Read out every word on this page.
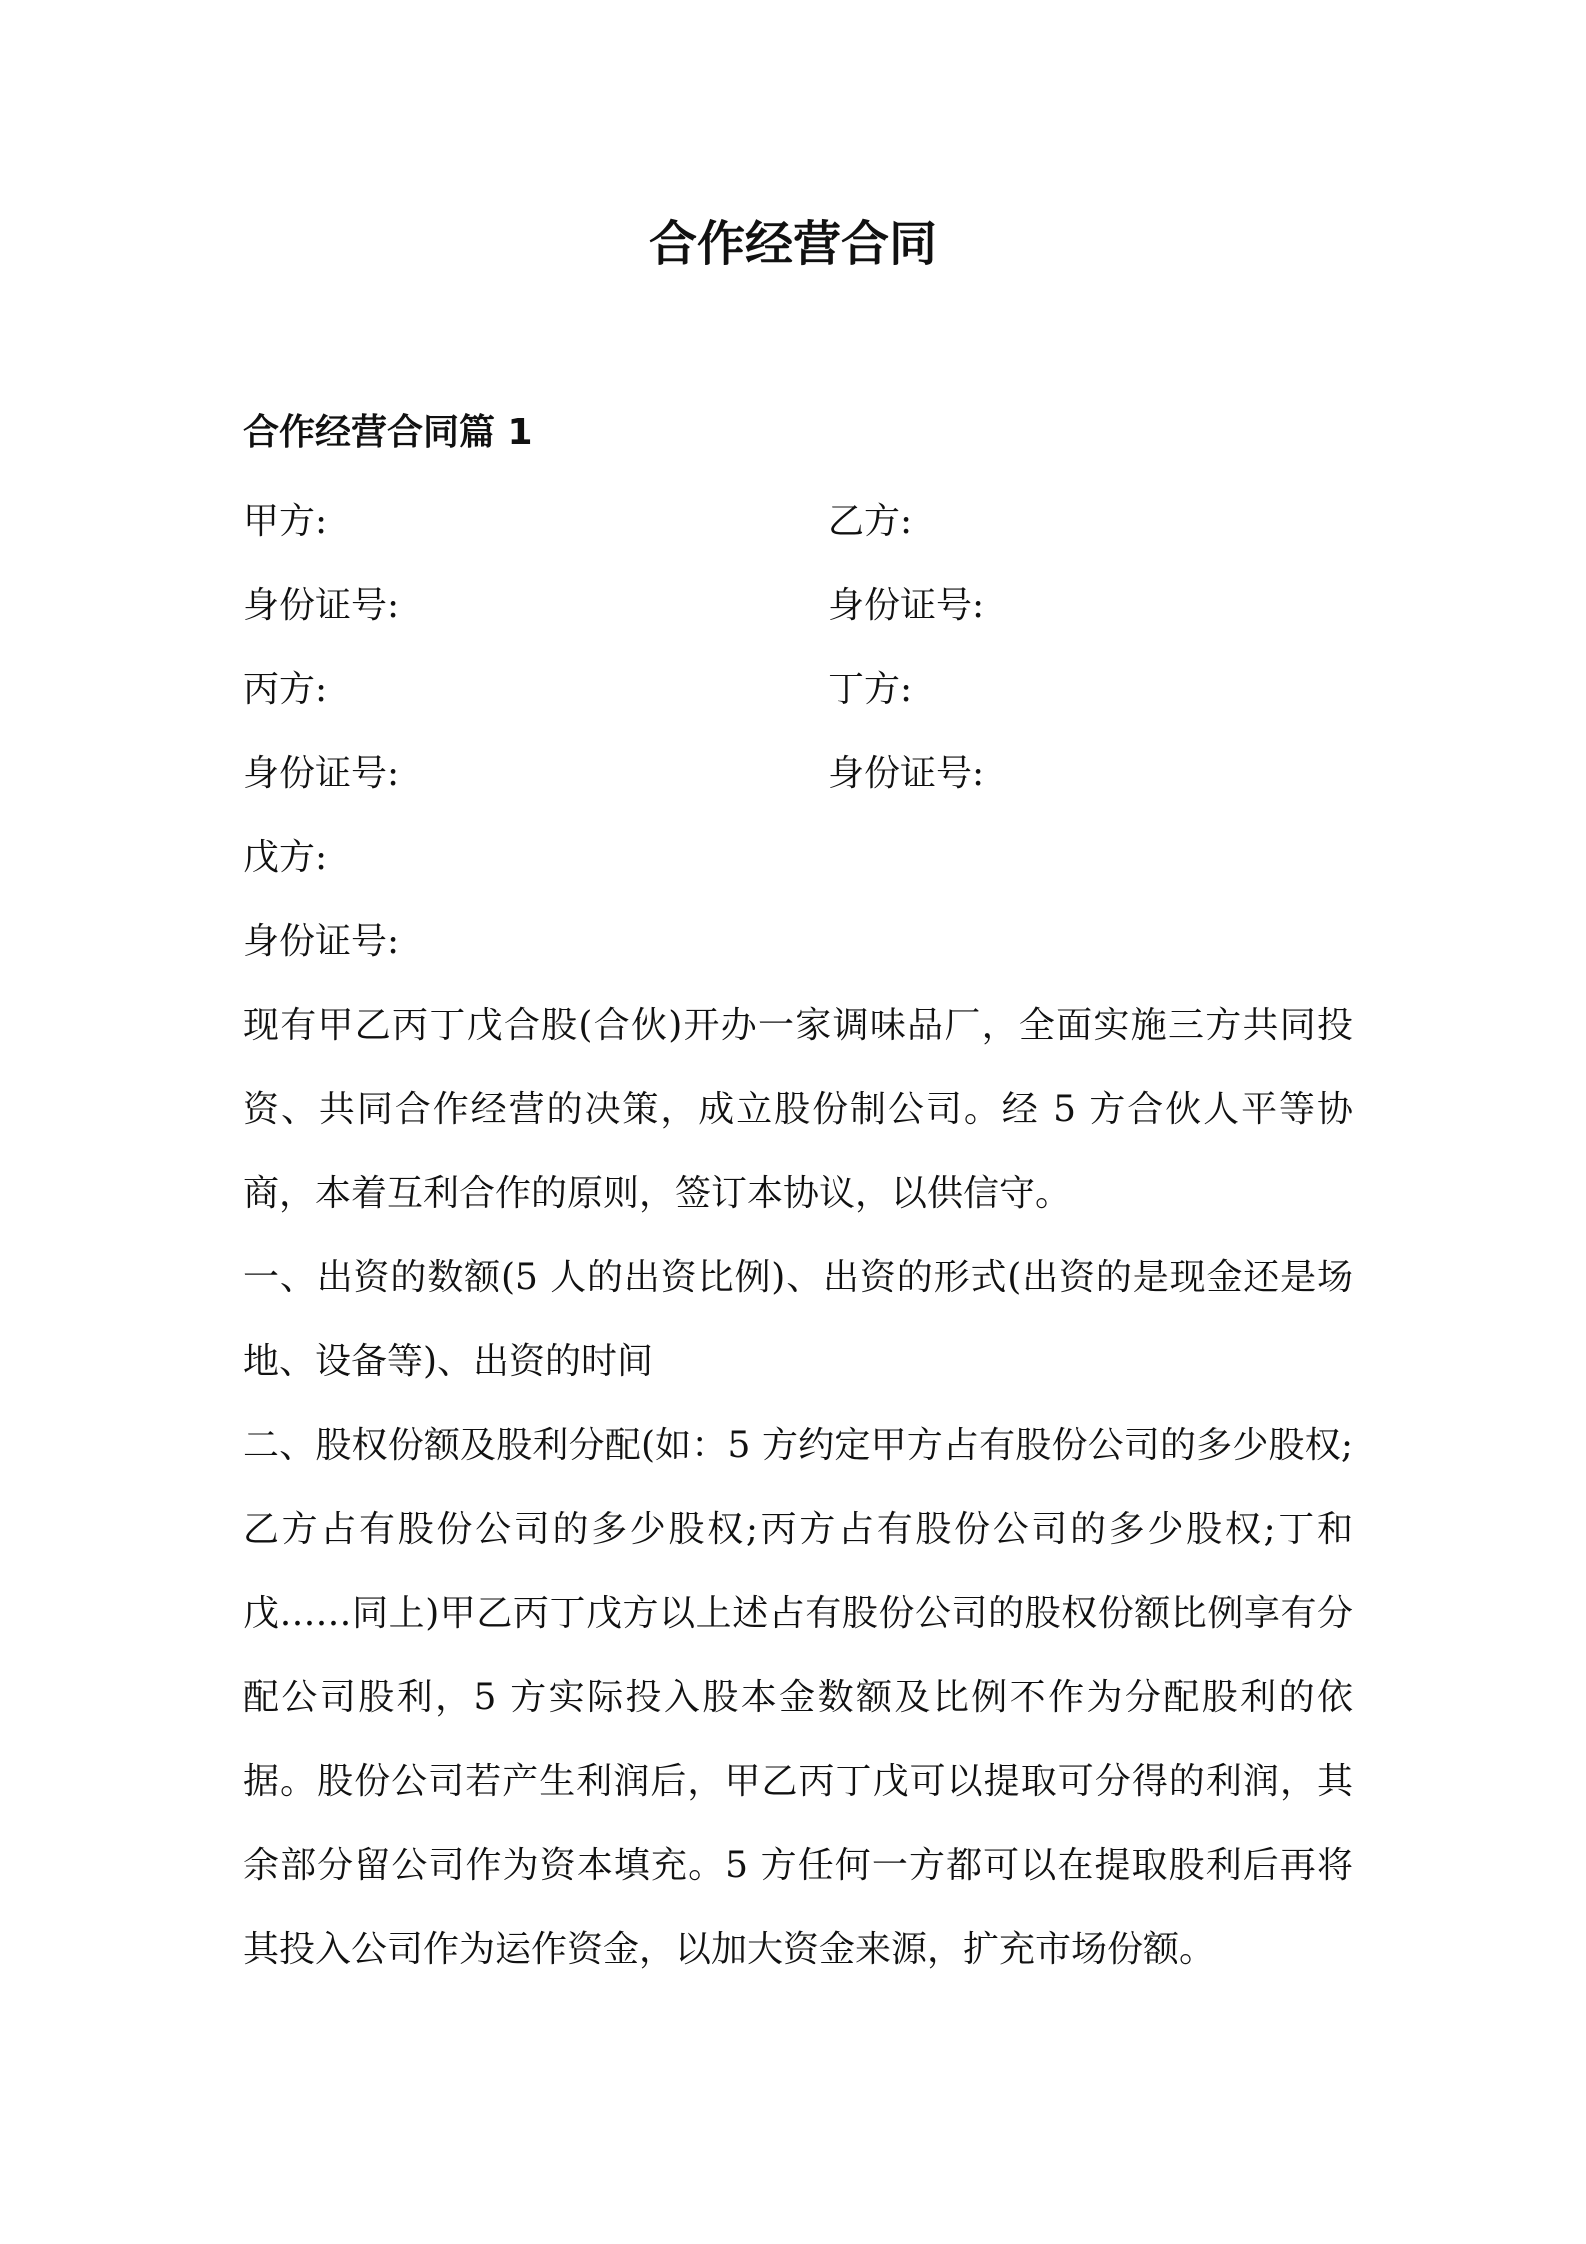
合作经营合同
合作经营合同篇 1
甲方:	乙方:
身份证号:	身份证号:
丙方:	丁方:
身份证号:	身份证号:
戊方:
身份证号:

现有甲乙丙丁戊合股(合伙)开办一家调味品厂，全面实施三方共同投资、共同合作经营的决策，成立股份制公司。经 5 方合伙人平等协商，本着互利合作的原则，签订本协议，以供信守。

一、出资的数额(5 人的出资比例)、出资的形式(出资的是现金还是场地、设备等)、出资的时间

二、股权份额及股利分配(如：5 方约定甲方占有股份公司的多少股权;乙方占有股份公司的多少股权;丙方占有股份公司的多少股权;丁和戊……同上)甲乙丙丁戊方以上述占有股份公司的股权份额比例享有分配公司股利，5 方实际投入股本金数额及比例不作为分配股利的依据。股份公司若产生利润后，甲乙丙丁戊可以提取可分得的利润，其余部分留公司作为资本填充。5 方任何一方都可以在提取股利后再将其投入公司作为运作资金，以加大资金来源，扩充市场份额。
